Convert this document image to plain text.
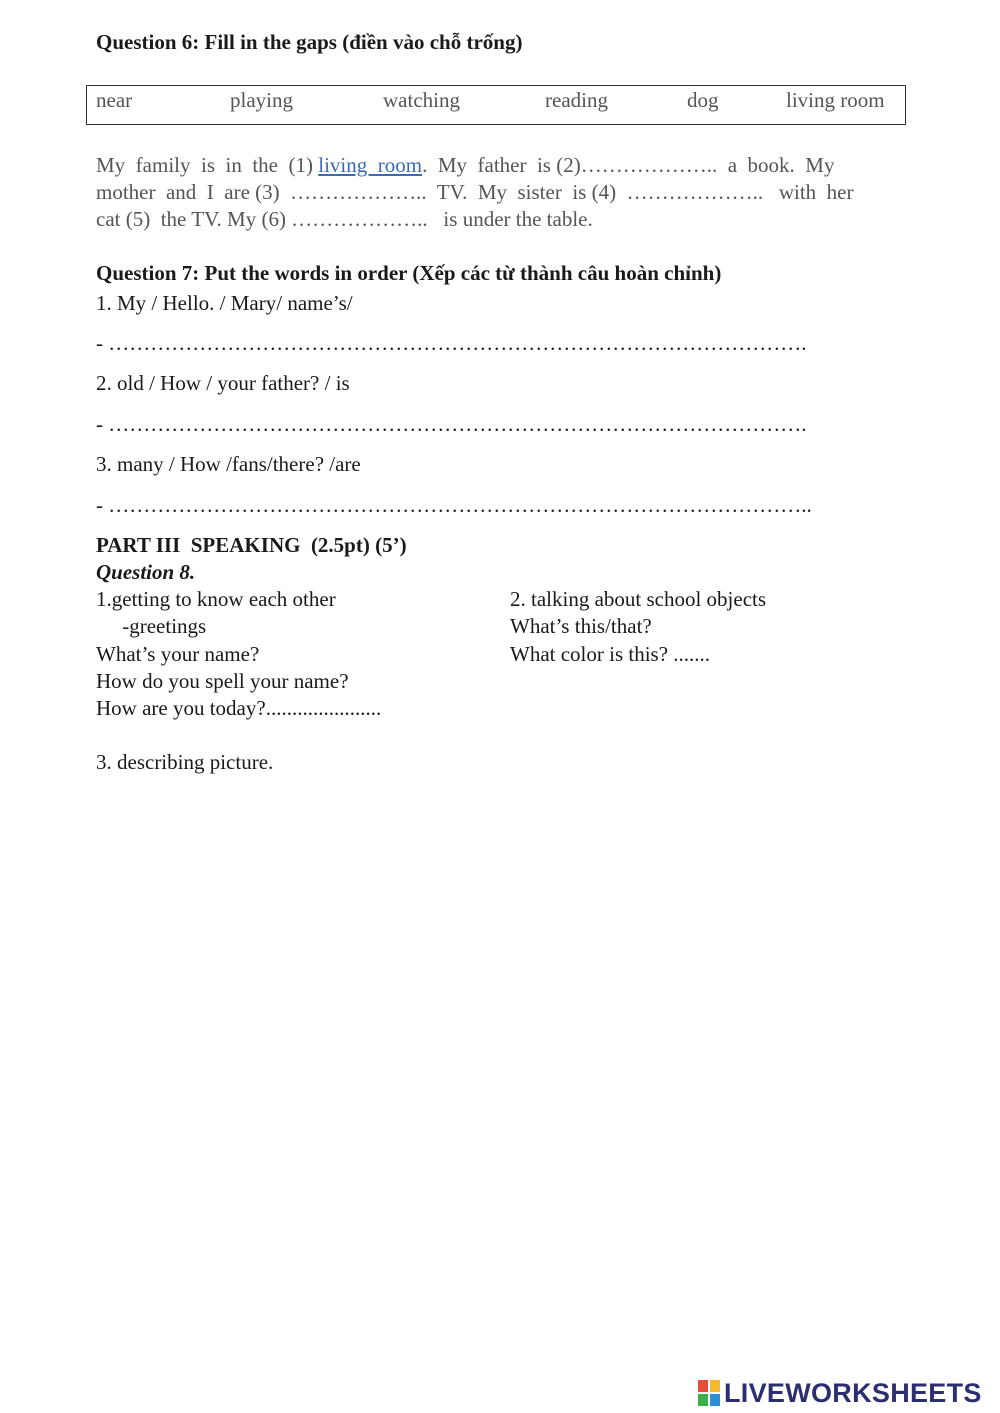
Question 6: Fill in the gaps (điền vào chỗ trống)
near	playing	watching	reading	dog	living room
My  family  is  in  the  (1) living  room.  My  father  is (2)………………..  a  book.  My
mother  and  I  are (3)  ………………..  TV.  My  sister  is (4)  ………………..   with  her
cat (5)  the TV. My (6) ………………..   is under the table.
Question 7: Put the words in order (Xếp các từ thành câu hoàn chỉnh)
1. My / Hello. / Mary/ name’s/
- ……………………………………………………………………………………….
2. old / How / your father? / is
- ……………………………………………………………………………………….
3. many / How /fans/there? /are
- ………………………………………………………………………………………..
PART III  SPEAKING  (2.5pt) (5’)
Question 8.
1.getting to know each other
-greetings
What’s your name?
How do you spell your name?
How are you today?......................
2. talking about school objects
What’s this/that?
What color is this? .......
3. describing picture.
LIVEWORKSHEETS
